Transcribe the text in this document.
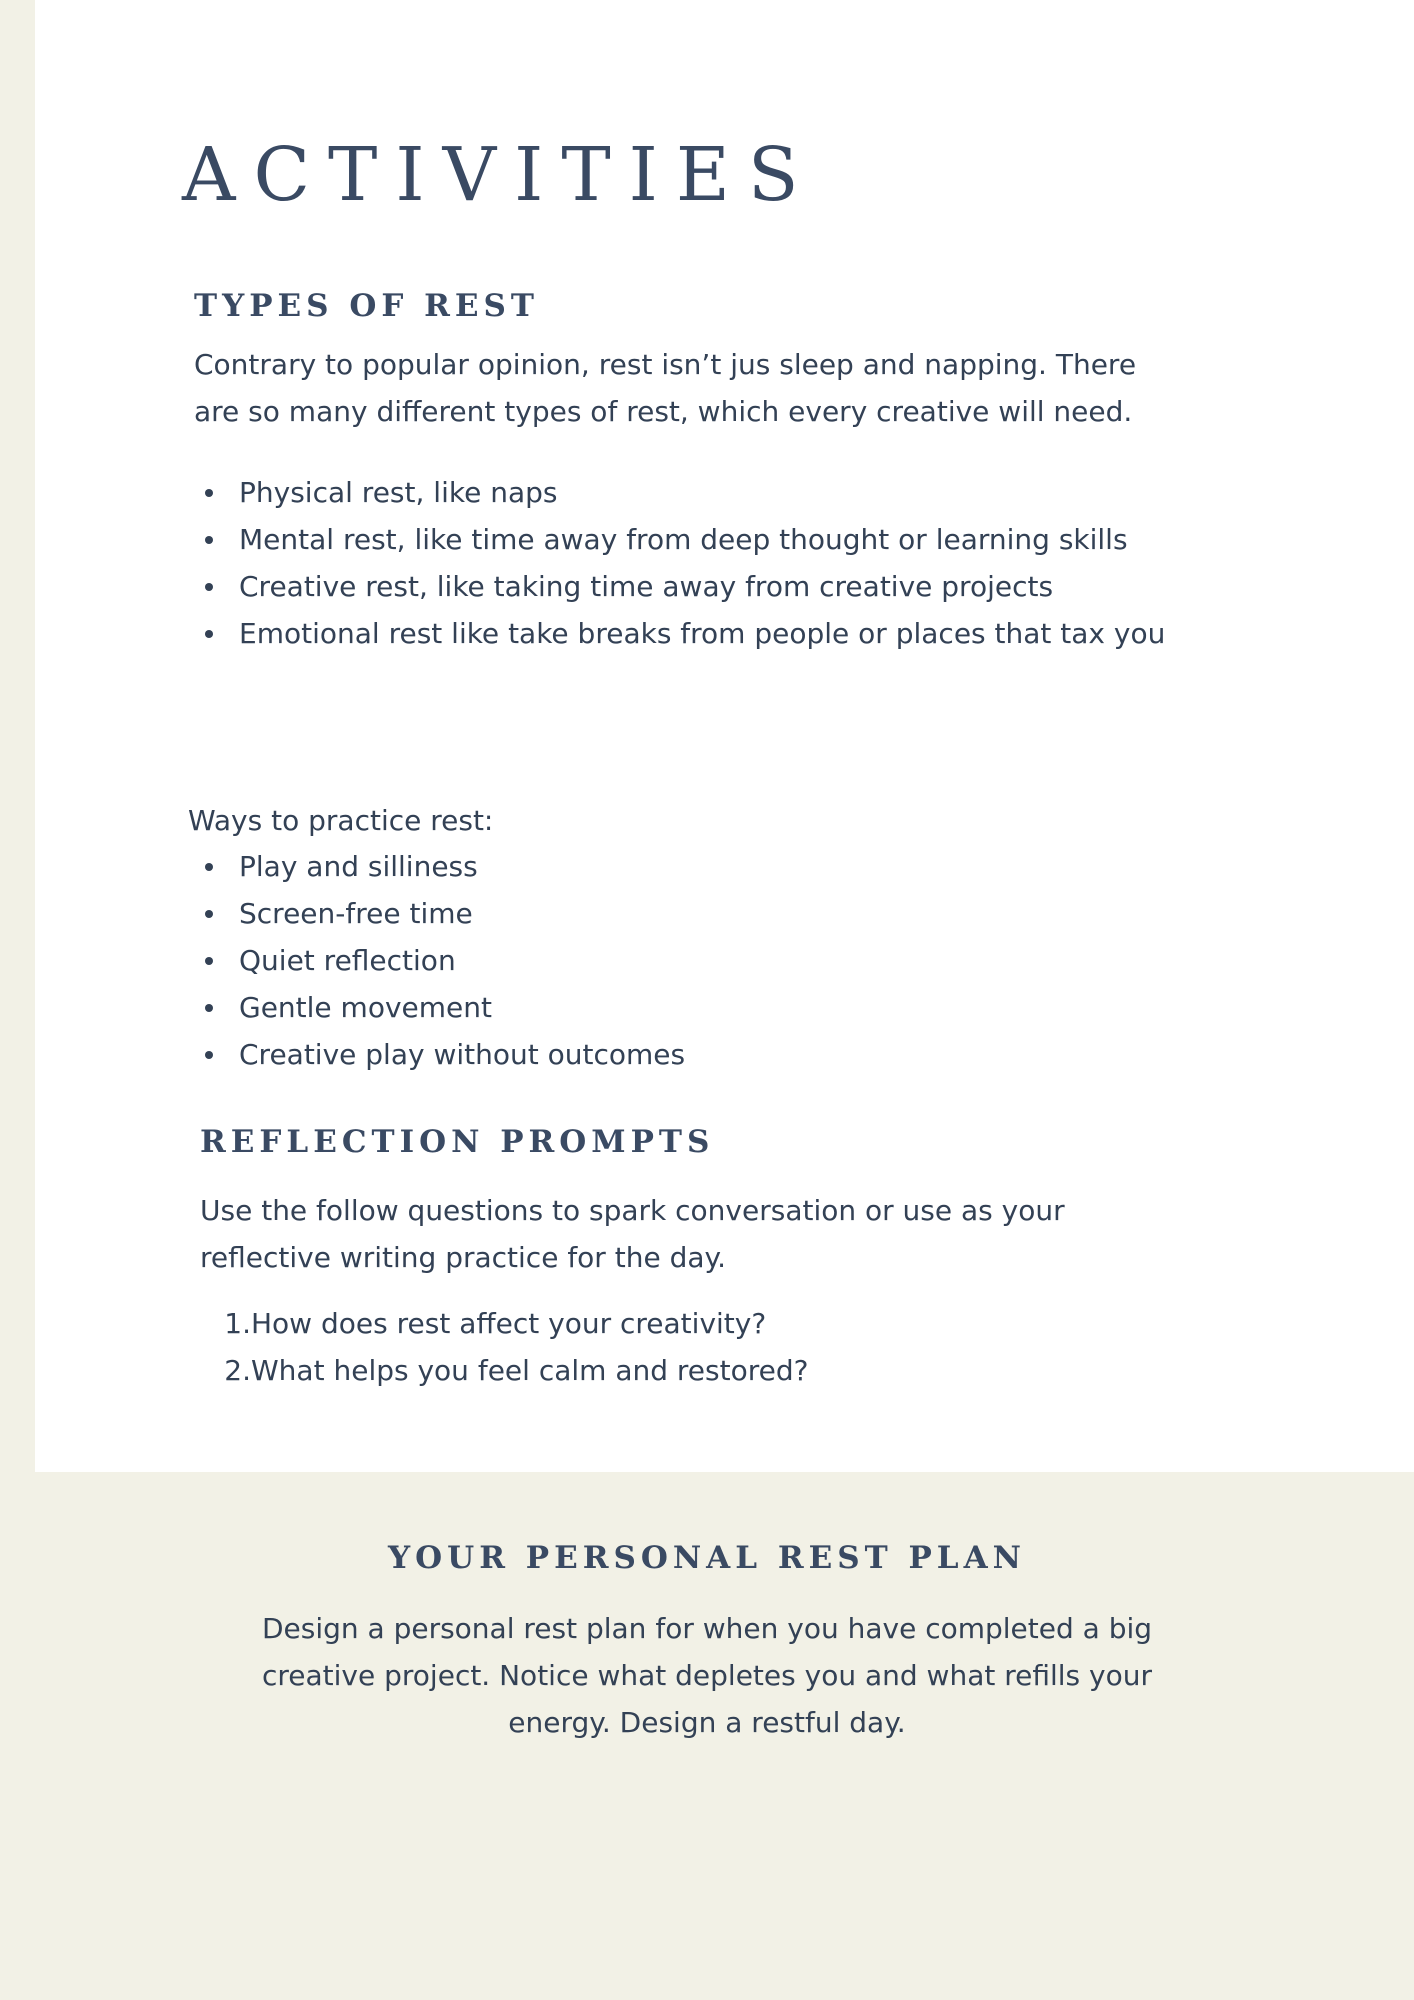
ACTIVITIES
TYPES OF REST

Contrary to popular opinion, rest isn’t jus sleep and napping. There are so many different types of rest, which every creative will need.

Physical rest, like naps
Mental rest, like time away from deep thought or learning skills
Creative rest, like taking time away from creative projects
Emotional rest like take breaks from people or places that tax you

Ways to practice rest:

Play and silliness
Screen-free time
Quiet reflection
Gentle movement
Creative play without outcomes
REFLECTION PROMPTS

Use the follow questions to spark conversation or use as your reflective writing practice for the day.

1. How does rest affect your creativity?
2. What helps you feel calm and restored?
YOUR PERSONAL REST PLAN

Design a personal rest plan for when you have completed a big creative project. Notice what depletes you and what refills your energy. Design a restful day.
